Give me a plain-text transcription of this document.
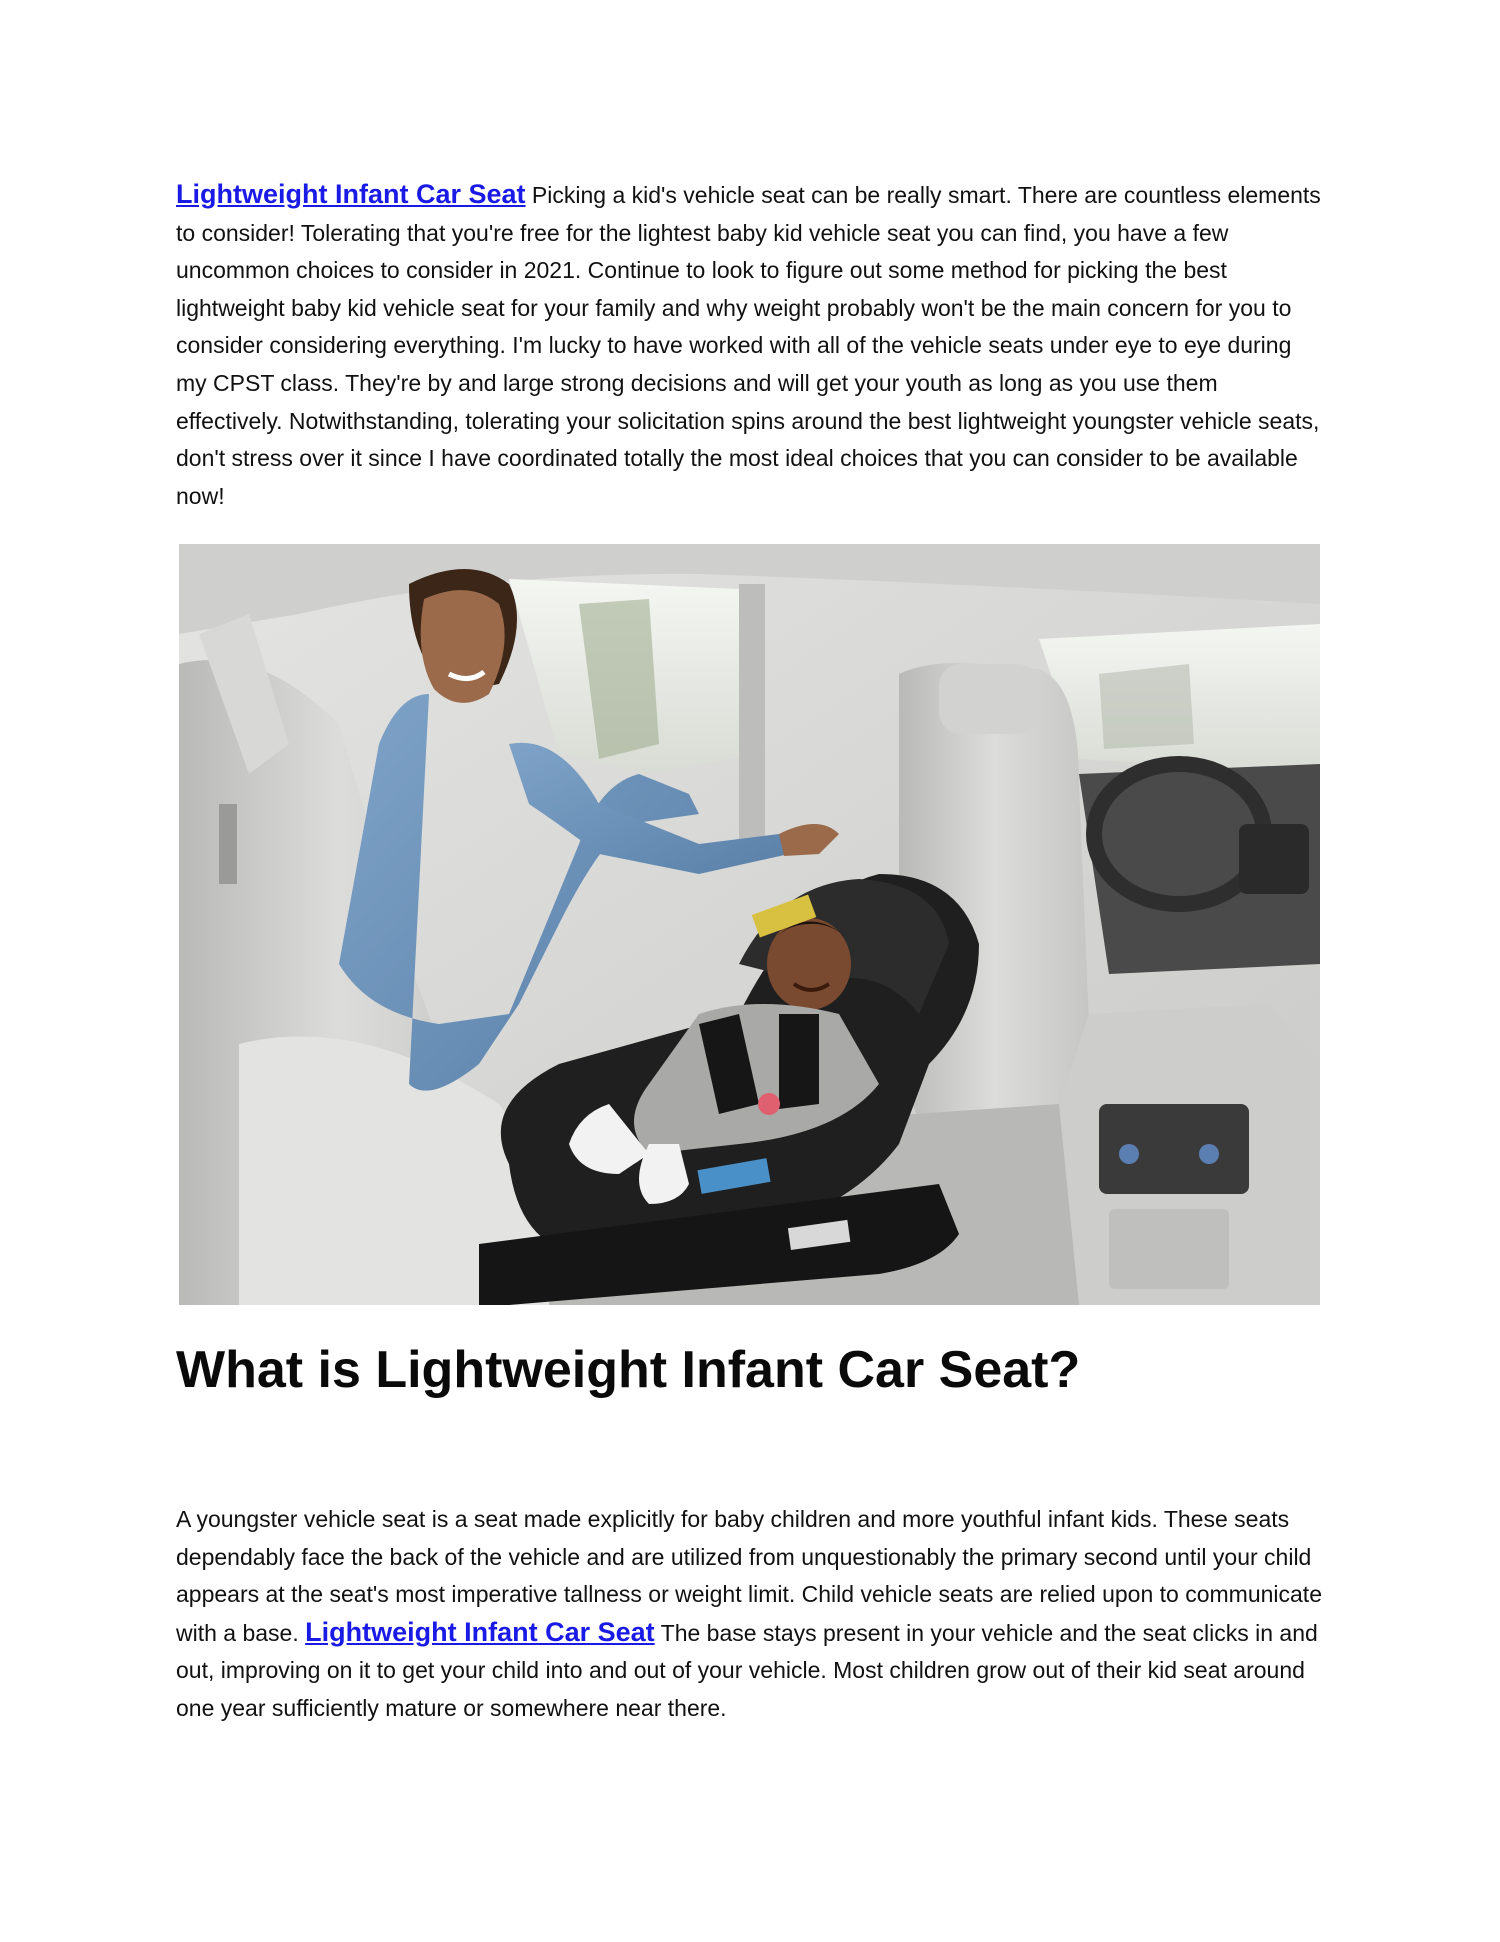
Lightweight Infant Car Seat Picking a kid's vehicle seat can be really smart. There are countless elements to consider! Tolerating that you're free for the lightest baby kid vehicle seat you can find, you have a few uncommon choices to consider in 2021. Continue to look to figure out some method for picking the best lightweight baby kid vehicle seat for your family and why weight probably won't be the main concern for you to consider considering everything. I'm lucky to have worked with all of the vehicle seats under eye to eye during my CPST class. They're by and large strong decisions and will get your youth as long as you use them effectively. Notwithstanding, tolerating your solicitation spins around the best lightweight youngster vehicle seats, don't stress over it since I have coordinated totally the most ideal choices that you can consider to be available now!

What is Lightweight Infant Car Seat?

A youngster vehicle seat is a seat made explicitly for baby children and more youthful infant kids. These seats dependably face the back of the vehicle and are utilized from unquestionably the primary second until your child appears at the seat's most imperative tallness or weight limit. Child vehicle seats are relied upon to communicate with a base. Lightweight Infant Car Seat The base stays present in your vehicle and the seat clicks in and out, improving on it to get your child into and out of your vehicle. Most children grow out of their kid seat around one year sufficiently mature or somewhere near there.
